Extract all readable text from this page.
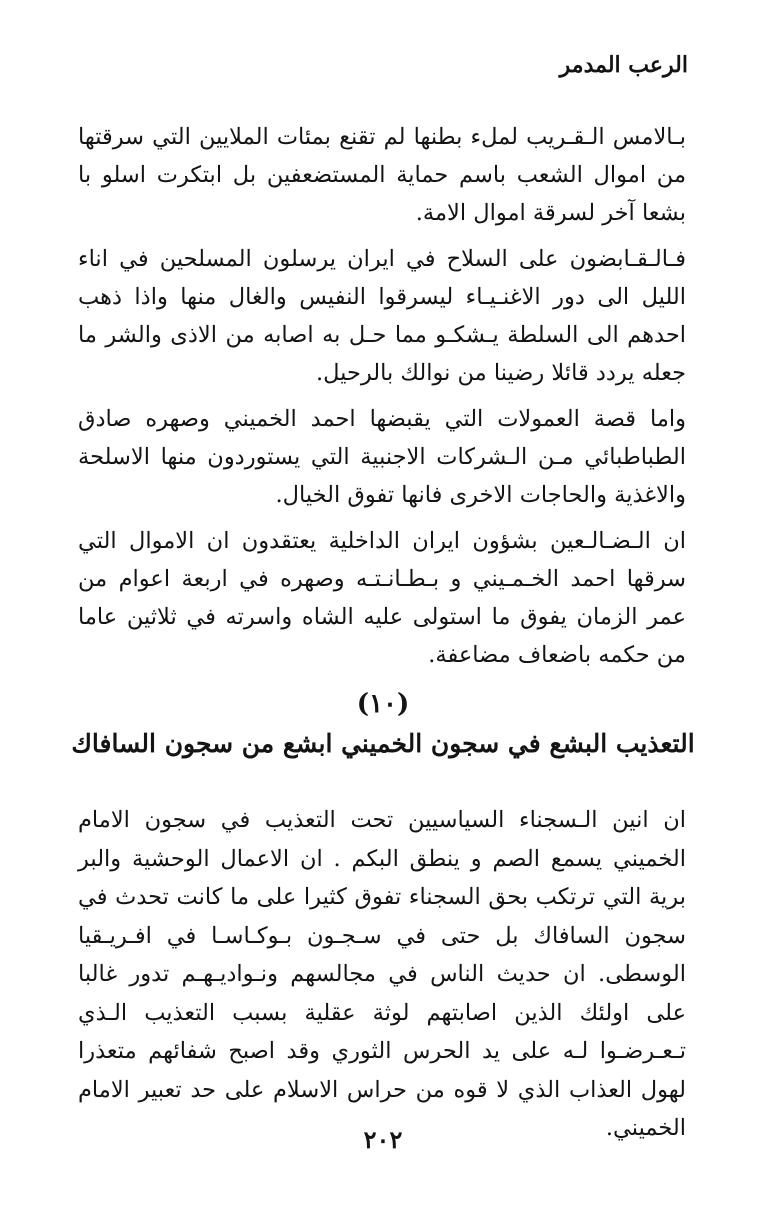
الرعب المدمر

بـالامس الـقـريب لملء بطنها لم تقنع بمئات الملايين التي سرقتها من اموال الشعب باسم حماية المستضعفين بل ابتكرت اسلو با بشعا آخر لسرقة اموال الامة.

فـالـقـابضون على السلاح في ايران يرسلون المسلحين في اناء الليل الى دور الاغنـيـاء ليسرقوا النفيس والغال منها واذا ذهب احدهم الى السلطة يـشكـو مما حـل به اصابه من الاذى والشر ما جعله يردد قائلا رضينا من نوالك بالرحيل.

واما قصة العمولات التي يقبضها احمد الخميني وصهره صادق الطباطبائي مـن الـشركات الاجنبية التي يستوردون منها الاسلحة والاغذية والحاجات الاخرى فانها تفوق الخيال.

ان الـضـالـعين بشؤون ايران الداخلية يعتقدون ان الاموال التي سرقها احمد الخـمـيني و بـطـانـتـه وصهره في اربعة اعوام من عمر الزمان يفوق ما استولى عليه الشاه واسرته في ثلاثين عاما من حكمه باضعاف مضاعفة.

(١٠)
التعذيب البشع في سجون الخميني ابشع من سجون السافاك

ان انين الـسجناء السياسيين تحت التعذيب في سجون الامام الخميني يسمع الصم و ينطق البكم . ان الاعمال الوحشية والبر برية التي ترتكب بحق السجناء تفوق كثيرا على ما كانت تحدث في سجون السافاك بل حتى في سـجـون بـوكـاسـا في افـريـقيا الوسطى. ان حديث الناس في مجالسهم ونـواديـهـم تدور غالبا على اولئك الذين اصابتهم لوثة عقلية بسبب التعذيب الـذي تـعـرضـوا لـه على يد الحرس الثوري وقد اصبح شفائهم متعذرا لهول العذاب الذي لا قوه من حراس الاسلام على حد تعبير الامام الخميني.

٢٠٢
